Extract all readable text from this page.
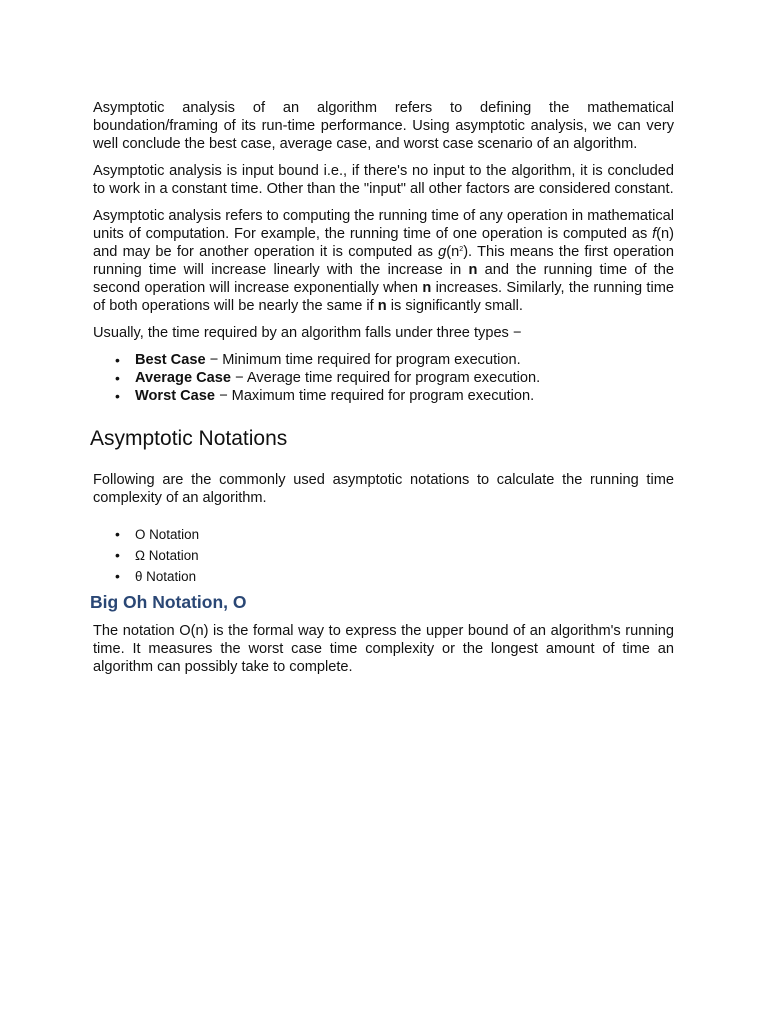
Asymptotic analysis of an algorithm refers to defining the mathematical boundation/framing of its run-time performance. Using asymptotic analysis, we can very well conclude the best case, average case, and worst case scenario of an algorithm.

Asymptotic analysis is input bound i.e., if there's no input to the algorithm, it is concluded to work in a constant time. Other than the "input" all other factors are considered constant.

Asymptotic analysis refers to computing the running time of any operation in mathematical units of computation. For example, the running time of one operation is computed as f(n) and may be for another operation it is computed as $g(n^2)$. This means the first operation running time will increase linearly with the increase in n and the running time of the second operation will increase exponentially when n increases. Similarly, the running time of both operations will be nearly the same if n is significantly small.

Usually, the time required by an algorithm falls under three types −

• Best Case − Minimum time required for program execution.
• Average Case − Average time required for program execution.
• Worst Case − Maximum time required for program execution.
Asymptotic Notations

Following are the commonly used asymptotic notations to calculate the running time complexity of an algorithm.

• Ο Notation
• Ω Notation
• θ Notation
Big Oh Notation, Ο

The notation Ο(n) is the formal way to express the upper bound of an algorithm's running time. It measures the worst case time complexity or the longest amount of time an algorithm can possibly take to complete.
